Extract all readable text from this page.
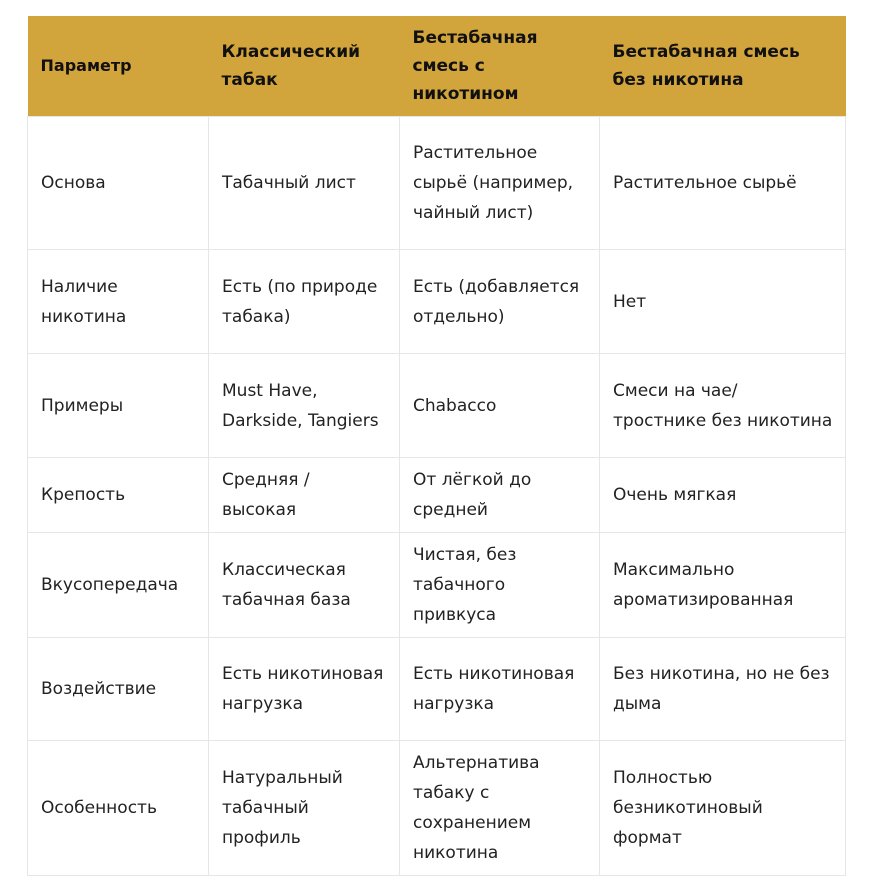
Параметр	Классический табак	Бестабачная смесь с никотином	Бестабачная смесь без никотина
Основа	Табачный лист	Растительное сырьё (например, чайный лист)	Растительное сырьё
Наличие никотина	Есть (по природе табака)	Есть (добавляется отдельно)	Нет
Примеры	Must Have, Darkside, Tangiers	Chabacco	Смеси на чае/ тростнике без никотина
Крепость	Средняя / высокая	От лёгкой до средней	Очень мягкая
Вкусопередача	Классическая табачная база	Чистая, без табачного привкуса	Максимально ароматизированная
Воздействие	Есть никотиновая нагрузка	Есть никотиновая нагрузка	Без никотина, но не без дыма
Особенность	Натуральный табачный профиль	Альтернатива табаку с сохранением никотина	Полностью безникотиновый формат
